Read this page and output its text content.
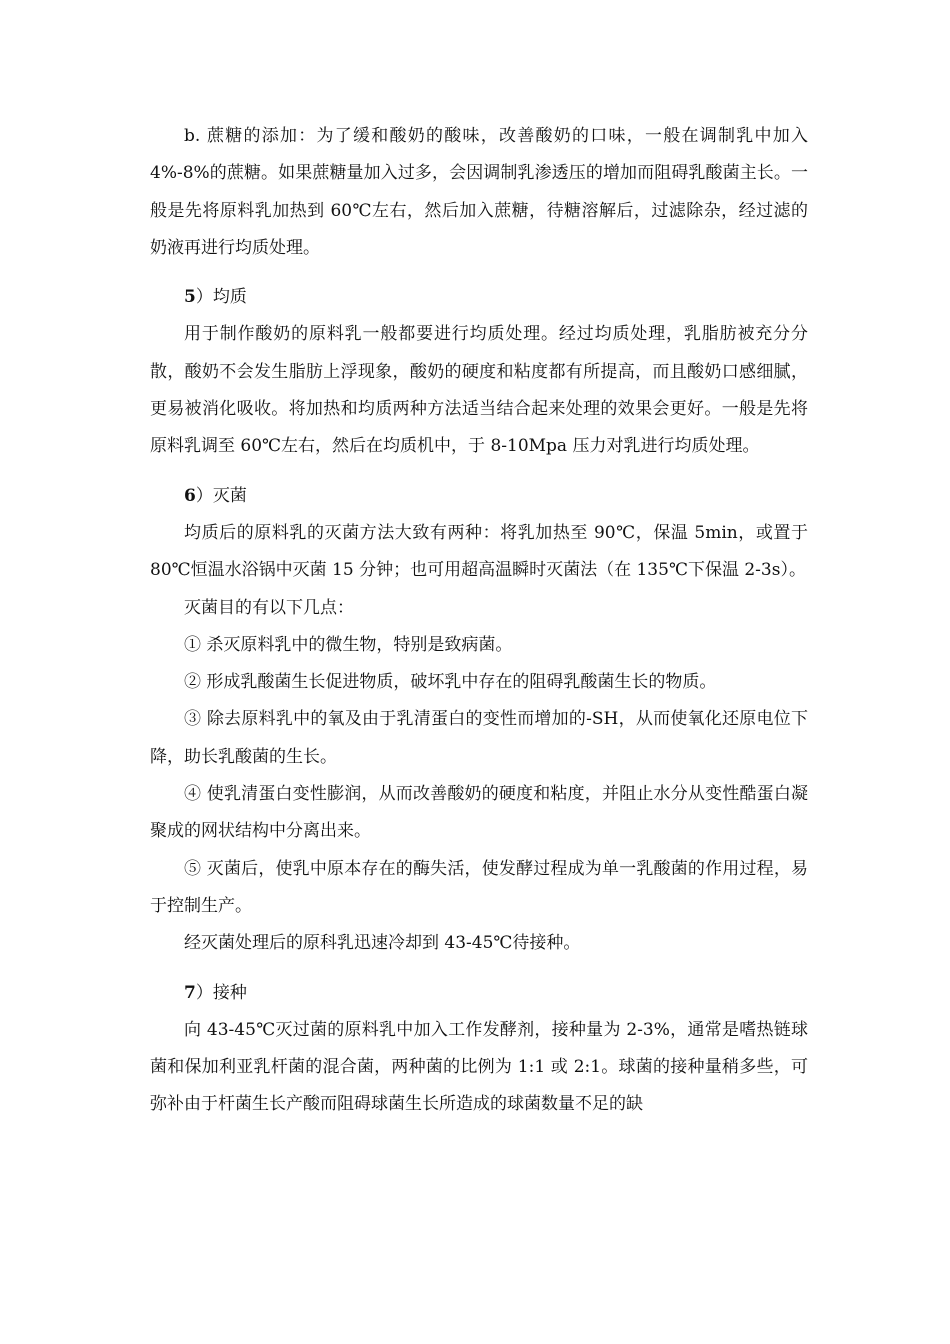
b. 蔗糖的添加：为了缓和酸奶的酸味，改善酸奶的口味，一般在调制乳中加入 4%-8%的蔗糖。如果蔗糖量加入过多，会因调制乳渗透压的增加而阻碍乳酸菌主长。一般是先将原料乳加热到 60℃左右，然后加入蔗糖，待糖溶解后，过滤除杂，经过滤的奶液再进行均质处理。

5）均质

用于制作酸奶的原料乳一般都要进行均质处理。经过均质处理，乳脂肪被充分分散，酸奶不会发生脂肪上浮现象，酸奶的硬度和粘度都有所提高，而且酸奶口感细腻，更易被消化吸收。将加热和均质两种方法适当结合起来处理的效果会更好。一般是先将原料乳调至 60℃左右，然后在均质机中，于 8-10Mpa 压力对乳进行均质处理。

6）灭菌

均质后的原料乳的灭菌方法大致有两种：将乳加热至 90℃，保温 5min，或置于 80℃恒温水浴锅中灭菌 15 分钟；也可用超高温瞬时灭菌法（在 135℃下保温 2-3s）。

灭菌目的有以下几点：

① 杀灭原料乳中的微生物，特别是致病菌。

② 形成乳酸菌生长促进物质，破坏乳中存在的阻碍乳酸菌生长的物质。

③ 除去原料乳中的氧及由于乳清蛋白的变性而增加的-SH，从而使氧化还原电位下降，助长乳酸菌的生长。

④ 使乳清蛋白变性膨润，从而改善酸奶的硬度和粘度，并阻止水分从变性酷蛋白凝聚成的网状结构中分离出来。

⑤ 灭菌后，使乳中原本存在的酶失活，使发酵过程成为单一乳酸菌的作用过程，易于控制生产。

经灭菌处理后的原科乳迅速冷却到 43-45℃待接种。

7）接种

向 43-45℃灭过菌的原料乳中加入工作发酵剂，接种量为 2-3%，通常是嗜热链球菌和保加利亚乳杆菌的混合菌，两种菌的比例为 1:1 或 2:1。球菌的接种量稍多些，可弥补由于杆菌生长产酸而阻碍球菌生长所造成的球菌数量不足的缺
